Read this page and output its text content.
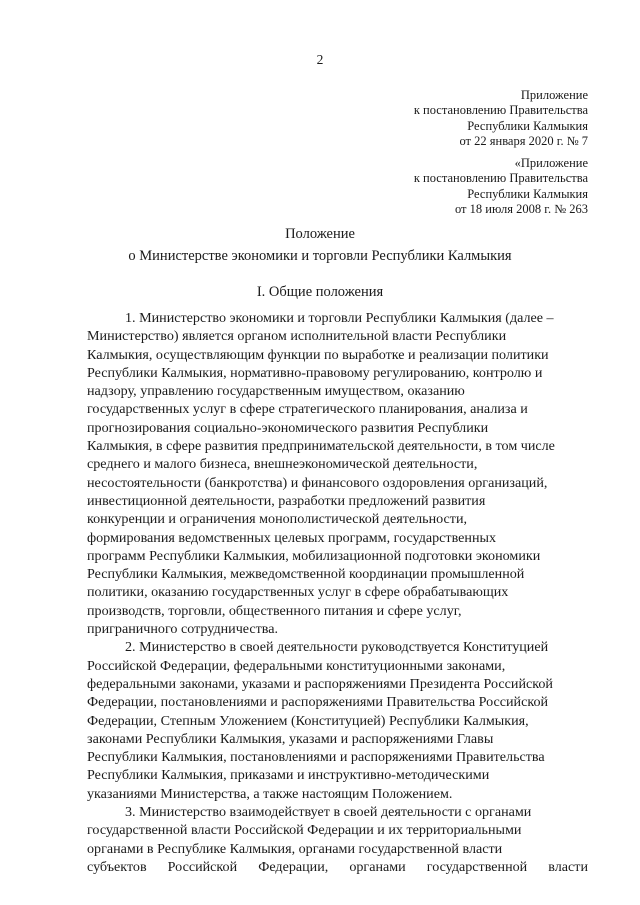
2
Приложение
к постановлению Правительства
Республики Калмыкия
от 22 января 2020 г. № 7
«Приложение
к постановлению Правительства
Республики Калмыкия
от 18 июля 2008 г. № 263
Положение
о Министерстве экономики и торговли Республики Калмыкия
I. Общие положения

1. Министерство экономики и торговли Республики Калмыкия (далее –

Министерство) является органом исполнительной власти Республики

Калмыкия, осуществляющим функции по выработке и реализации политики

Республики Калмыкия, нормативно-правовому регулированию, контролю и

надзору, управлению государственным имуществом, оказанию

государственных услуг в сфере стратегического планирования, анализа и

прогнозирования социально-экономического развития Республики

Калмыкия, в сфере развития предпринимательской деятельности, в том числе

среднего и малого бизнеса, внешнеэкономической деятельности,

несостоятельности (банкротства) и финансового оздоровления организаций,

инвестиционной деятельности, разработки предложений развития

конкуренции и ограничения монополистической деятельности,

формирования ведомственных целевых программ, государственных

программ Республики Калмыкия, мобилизационной подготовки экономики

Республики Калмыкия, межведомственной координации промышленной

политики, оказанию государственных услуг в сфере обрабатывающих

производств, торговли, общественного питания и сфере услуг,

приграничного сотрудничества.

2. Министерство в своей деятельности руководствуется Конституцией

Российской Федерации, федеральными конституционными законами,

федеральными законами, указами и распоряжениями Президента Российской

Федерации, постановлениями и распоряжениями Правительства Российской

Федерации, Степным Уложением (Конституцией) Республики Калмыкия,

законами Республики Калмыкия, указами и распоряжениями Главы

Республики Калмыкия, постановлениями и распоряжениями Правительства

Республики Калмыкия, приказами и инструктивно-методическими

указаниями Министерства, а также настоящим Положением.

3. Министерство взаимодействует в своей деятельности с органами

государственной власти Российской Федерации и их территориальными

органами в Республике Калмыкия, органами государственной власти

субъектов Российской Федерации, органами государственной власти
